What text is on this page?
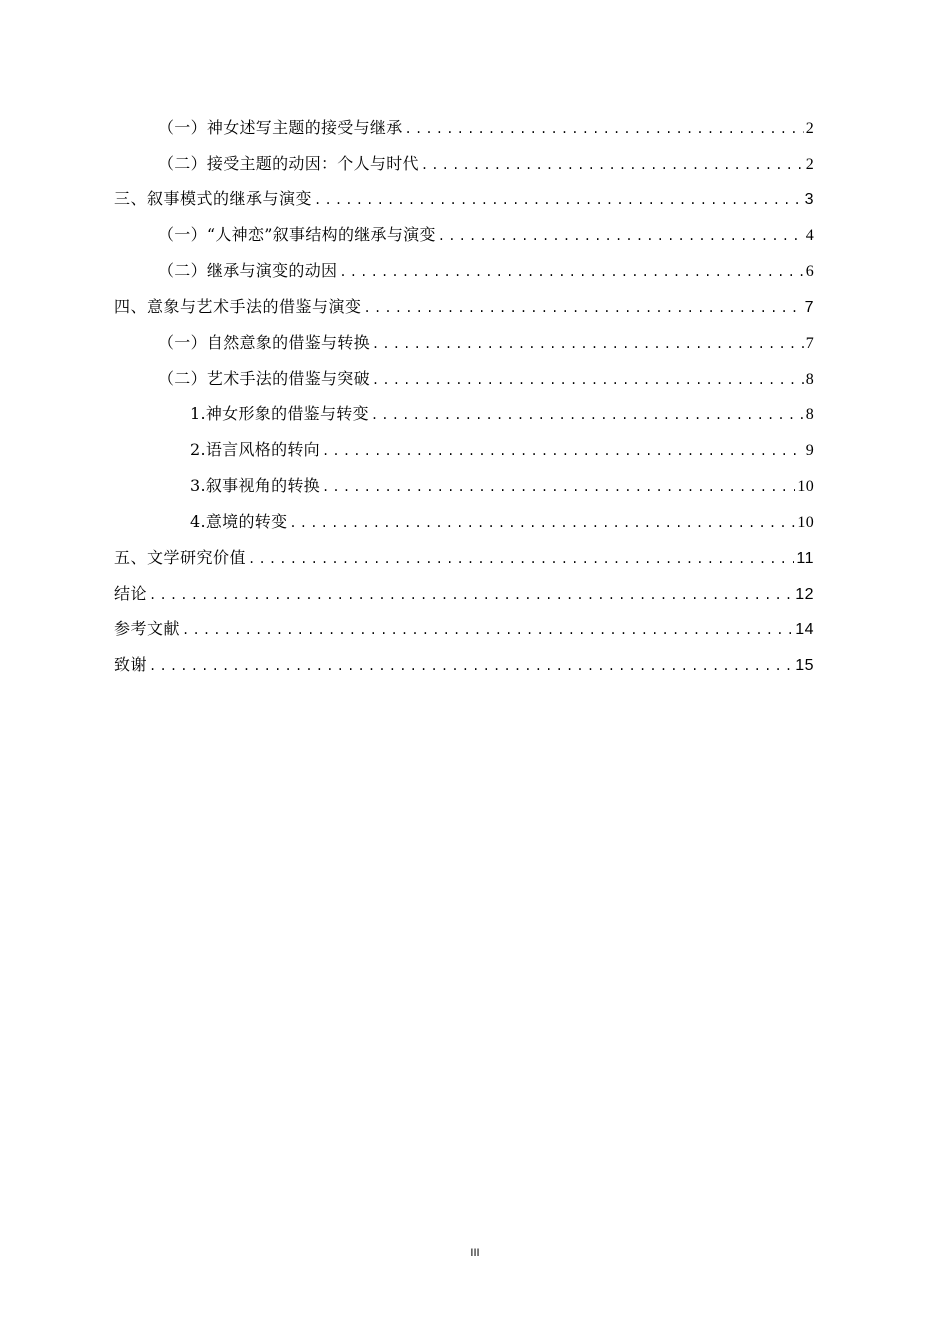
（一）神女述写主题的接受与继承 .....	2
（二）接受主题的动因：个人与时代 .....	2
三、叙事模式的继承与演变 .....	3
（一）“人神恋”叙事结构的继承与演变 .....	4
（二）继承与演变的动因 .....	6
四、意象与艺术手法的借鉴与演变 .....	7
（一）自然意象的借鉴与转换 .....	7
（二）艺术手法的借鉴与突破 .....	8
1.神女形象的借鉴与转变 .....	8
2.语言风格的转向 .....	9
3.叙事视角的转换 .....	10
4.意境的转变 .....	10
五、文学研究价值 .....	11
结论 .....	12
参考文献 .....	14
致谢 .....	15
III
